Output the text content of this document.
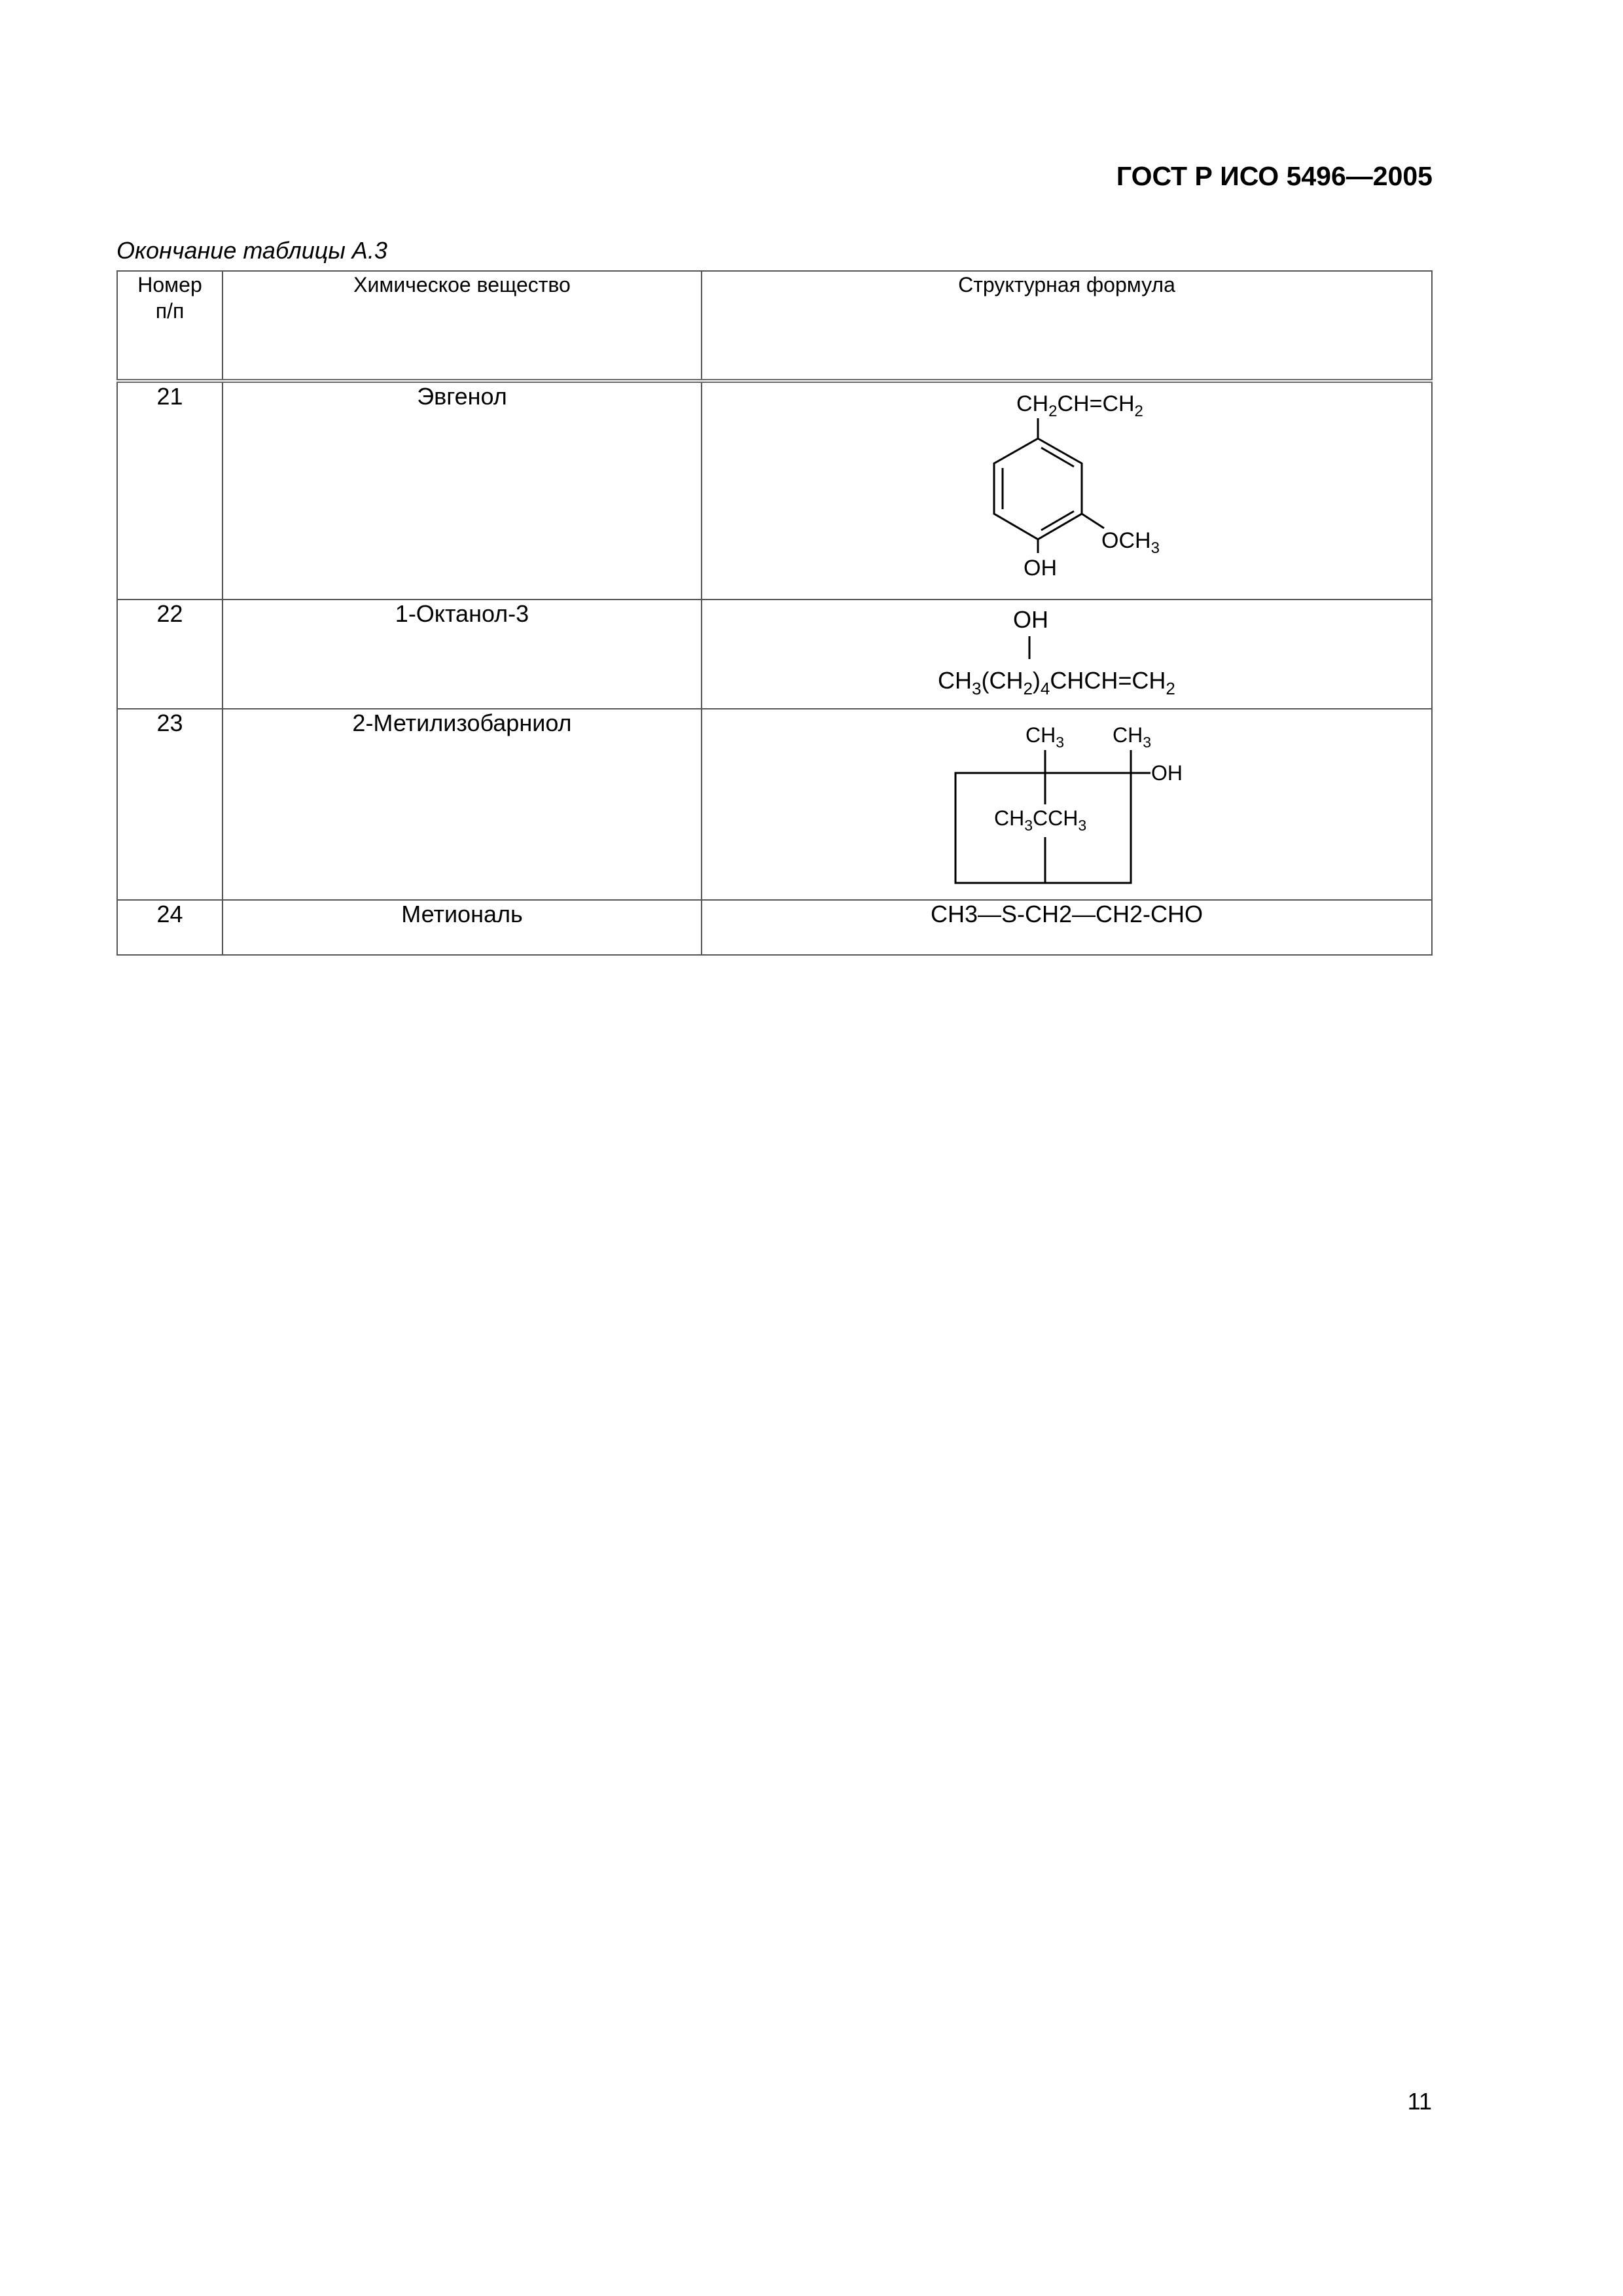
ГОСТ Р ИСО 5496—2005
Окончание таблицы А.3
Номер п/п	Химическое вещество	Структурная формула
21	Эвгенол	$CH_2CH=CH_2$
$OCH_3$
OH

22	1-Октанол-3	OH
$CH_3(CH_2)_4CHCH=CH_2$

23	2-Метилизобарниол	$CH_3$ $CH_3$
OH
$CH_3CCH_3$

24	Метиональ	CH3—S-CH2—CH2-CHO
11
